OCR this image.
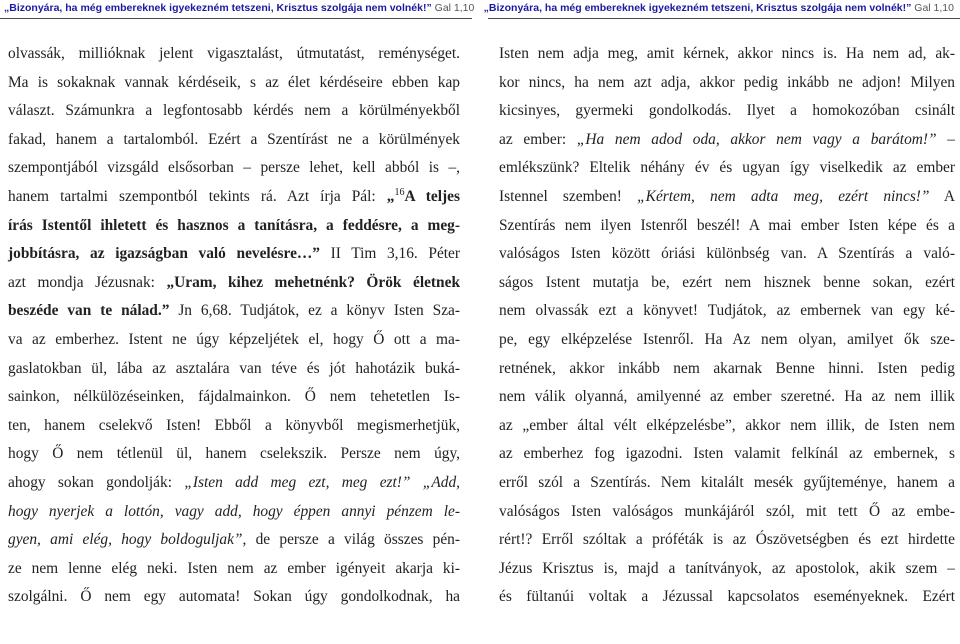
„Bizonyára, ha még embereknek igyekezném tetszeni, Krisztus szolgája nem volnék!” Gal 1,10 „Bizonyára, ha még embereknek igyekezném tetszeni, Krisztus szolgája nem volnék!” Gal 1,10
olvassák, millióknak jelent vigasztalást, útmutatást, reménységet.
Ma is sokaknak vannak kérdéseik, s az élet kérdéseire ebben kap
választ. Számunkra a legfontosabb kérdés nem a körülményekből
fakad, hanem a tartalomból. Ezért a Szentírást ne a körülmények
szempontjából vizsgáld elsősorban – persze lehet, kell abból is –,
hanem tartalmi szempontból tekints rá. Azt írja Pál: „$^{16}$A teljes
írás Istentől ihletett és hasznos a tanításra, a feddésre, a meg-
jobbításra, az igazságban való nevelésre…” II Tim 3,16. Péter
azt mondja Jézusnak: „Uram, kihez mehetnénk? Örök életnek
beszéde van te nálad.” Jn 6,68. Tudjátok, ez a könyv Isten Sza-
va az emberhez. Istent ne úgy képzeljétek el, hogy Ő ott a ma-
gaslatokban ül, lába az asztalára van téve és jót hahotázik buká-
sainkon, nélkülözéseinken, fájdalmainkon. Ő nem tehetetlen Is-
ten, hanem cselekvő Isten! Ebből a könyvből megismerhetjük,
hogy Ő nem tétlenül ül, hanem cselekszik. Persze nem úgy,
ahogy sokan gondolják: „Isten add meg ezt, meg ezt!” „Add,
hogy nyerjek a lottón, vagy add, hogy éppen annyi pénzem le-
gyen, ami elég, hogy boldoguljak”, de persze a világ összes pén-
ze nem lenne elég neki. Isten nem az ember igényeit akarja ki-
szolgálni. Ő nem egy automata! Sokan úgy gondolkodnak, ha
Isten nem adja meg, amit kérnek, akkor nincs is. Ha nem ad, ak-
kor nincs, ha nem azt adja, akkor pedig inkább ne adjon! Milyen
kicsinyes, gyermeki gondolkodás. Ilyet a homokozóban csinált
az ember: „Ha nem adod oda, akkor nem vagy a barátom!” –
emlékszünk? Eltelik néhány év és ugyan így viselkedik az ember
Istennel szemben! „Kértem, nem adta meg, ezért nincs!” A
Szentírás nem ilyen Istenről beszél! A mai ember Isten képe és a
valóságos Isten között óriási különbség van. A Szentírás a való-
ságos Istent mutatja be, ezért nem hisznek benne sokan, ezért
nem olvassák ezt a könyvet! Tudjátok, az embernek van egy ké-
pe, egy elképzelése Istenről. Ha Az nem olyan, amilyet ők sze-
retnének, akkor inkább nem akarnak Benne hinni. Isten pedig
nem válik olyanná, amilyenné az ember szeretné. Ha az nem illik
az „ember által vélt elképzelésbe”, akkor nem illik, de Isten nem
az emberhez fog igazodni. Isten valamit felkínál az embernek, s
erről szól a Szentírás. Nem kitalált mesék gyűjteménye, hanem a
valóságos Isten valóságos munkájáról szól, mit tett Ő az embe-
rért!? Erről szóltak a próféták is az Ószövetségben és ezt hirdette
Jézus Krisztus is, majd a tanítványok, az apostolok, akik szem –
és fültanúi voltak a Jézussal kapcsolatos eseményeknek. Ezért
